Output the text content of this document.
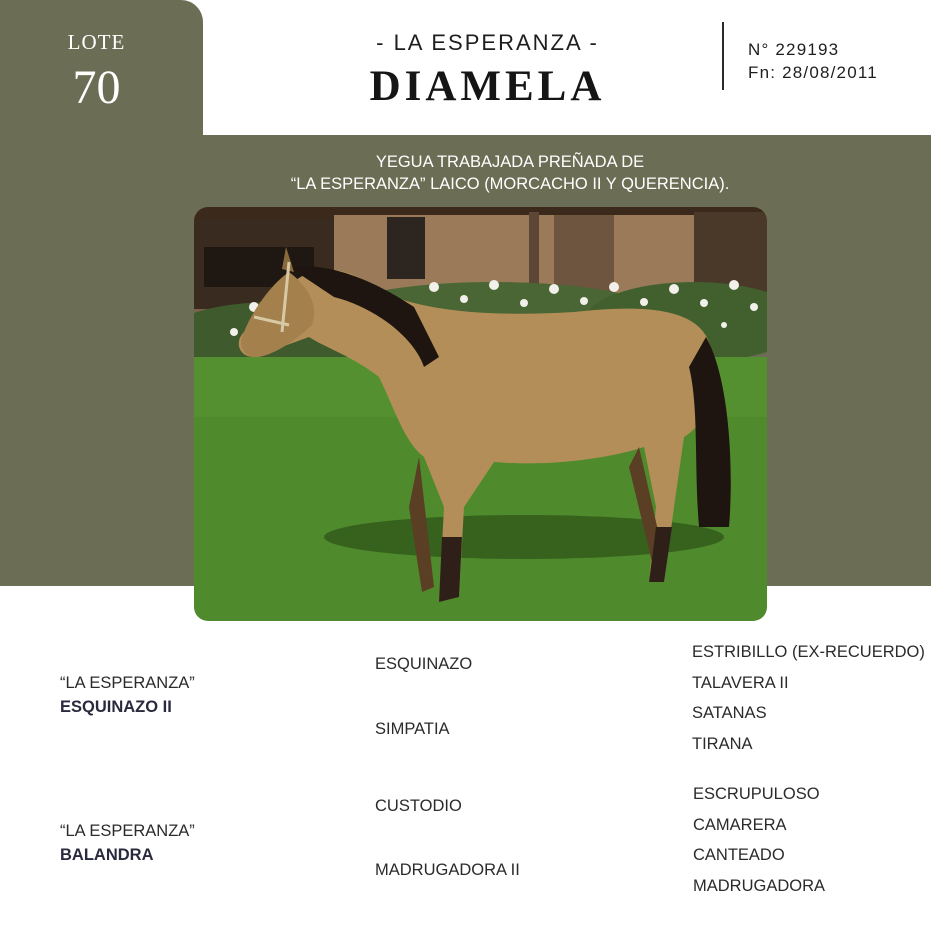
LOTE
70
- LA ESPERANZA -
DIAMELA
N° 229193
Fn: 28/08/2011
YEGUA TRABAJADA PREÑADA DE
“LA ESPERANZA” LAICO (MORCACHO II Y QUERENCIA).
“LA ESPERANZA”
ESQUINAZO II
“LA ESPERANZA”
BALANDRA
ESQUINAZO
SIMPATIA
CUSTODIO
MADRUGADORA II
ESTRIBILLO (EX-RECUERDO)
TALAVERA II
SATANAS
TIRANA
ESCRUPULOSO
CAMARERA
CANTEADO
MADRUGADORA
